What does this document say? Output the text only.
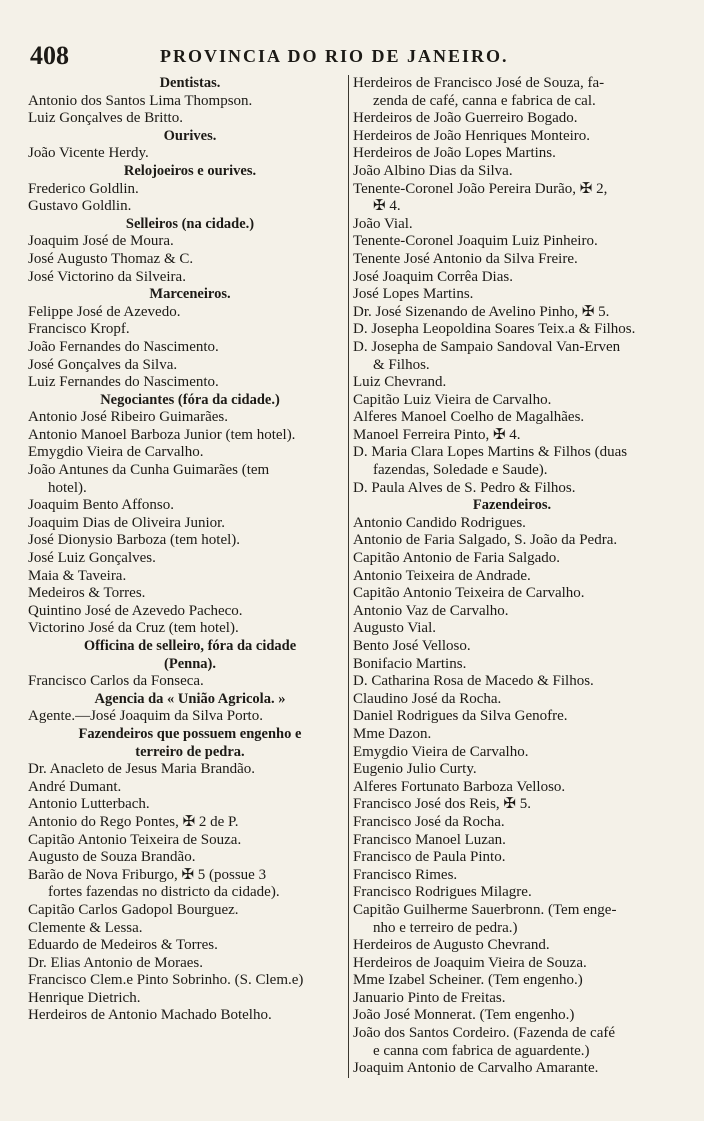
408	PROVINCIA DO RIO DE JANEIRO.
Dentistas.
Antonio dos Santos Lima Thompson.
Luiz Gonçalves de Britto.
Ourives.
João Vicente Herdy.
Relojoeiros e ourives.
Frederico Goldlin.
Gustavo Goldlin.
Selleiros (na cidade.)
Joaquim José de Moura.
José Augusto Thomaz & C.
José Victorino da Silveira.
Marceneiros.
Felippe José de Azevedo.
Francisco Kropf.
João Fernandes do Nascimento.
José Gonçalves da Silva.
Luiz Fernandes do Nascimento.
Negociantes (fóra da cidade.)
Antonio José Ribeiro Guimarães.
Antonio Manoel Barboza Junior (tem hotel).
Emygdio Vieira de Carvalho.
João Antunes da Cunha Guimarães (tem
hotel).
Joaquim Bento Affonso.
Joaquim Dias de Oliveira Junior.
José Dionysio Barboza (tem hotel).
José Luiz Gonçalves.
Maia & Taveira.
Medeiros & Torres.
Quintino José de Azevedo Pacheco.
Victorino José da Cruz (tem hotel).
Officina de selleiro, fóra da cidade
(Penna).
Francisco Carlos da Fonseca.
Agencia da « União Agricola. »
Agente.—José Joaquim da Silva Porto.
Fazendeiros que possuem engenho e
terreiro de pedra.
Dr. Anacleto de Jesus Maria Brandão.
André Dumant.
Antonio Lutterbach.
Antonio do Rego Pontes, ✠ 2 de P.
Capitão Antonio Teixeira de Souza.
Augusto de Souza Brandão.
Barão de Nova Friburgo, ✠ 5 (possue 3
fortes fazendas no districto da cidade).
Capitão Carlos Gadopol Bourguez.
Clemente & Lessa.
Eduardo de Medeiros & Torres.
Dr. Elias Antonio de Moraes.
Francisco Clem.e Pinto Sobrinho. (S. Clem.e)
Henrique Dietrich.
Herdeiros de Antonio Machado Botelho.
Herdeiros de Francisco José de Souza, fa-
zenda de café, canna e fabrica de cal.
Herdeiros de João Guerreiro Bogado.
Herdeiros de João Henriques Monteiro.
Herdeiros de João Lopes Martins.
João Albino Dias da Silva.
Tenente-Coronel João Pereira Durão, ✠ 2,
✠ 4.
João Vial.
Tenente-Coronel Joaquim Luiz Pinheiro.
Tenente José Antonio da Silva Freire.
José Joaquim Corrêa Dias.
José Lopes Martins.
Dr. José Sizenando de Avelino Pinho, ✠ 5.
D. Josepha Leopoldina Soares Teix.a & Filhos.
D. Josepha de Sampaio Sandoval Van-Erven
& Filhos.
Luiz Chevrand.
Capitão Luiz Vieira de Carvalho.
Alferes Manoel Coelho de Magalhães.
Manoel Ferreira Pinto, ✠ 4.
D. Maria Clara Lopes Martins & Filhos (duas
fazendas, Soledade e Saude).
D. Paula Alves de S. Pedro & Filhos.
Fazendeiros.
Antonio Candido Rodrigues.
Antonio de Faria Salgado, S. João da Pedra.
Capitão Antonio de Faria Salgado.
Antonio Teixeira de Andrade.
Capitão Antonio Teixeira de Carvalho.
Antonio Vaz de Carvalho.
Augusto Vial.
Bento José Velloso.
Bonifacio Martins.
D. Catharina Rosa de Macedo & Filhos.
Claudino José da Rocha.
Daniel Rodrigues da Silva Genofre.
Mme Dazon.
Emygdio Vieira de Carvalho.
Eugenio Julio Curty.
Alferes Fortunato Barboza Velloso.
Francisco José dos Reis, ✠ 5.
Francisco José da Rocha.
Francisco Manoel Luzan.
Francisco de Paula Pinto.
Francisco Rimes.
Francisco Rodrigues Milagre.
Capitão Guilherme Sauerbronn. (Tem enge-
nho e terreiro de pedra.)
Herdeiros de Augusto Chevrand.
Herdeiros de Joaquim Vieira de Souza.
Mme Izabel Scheiner. (Tem engenho.)
Januario Pinto de Freitas.
João José Monnerat. (Tem engenho.)
João dos Santos Cordeiro. (Fazenda de café
e canna com fabrica de aguardente.)
Joaquim Antonio de Carvalho Amarante.
